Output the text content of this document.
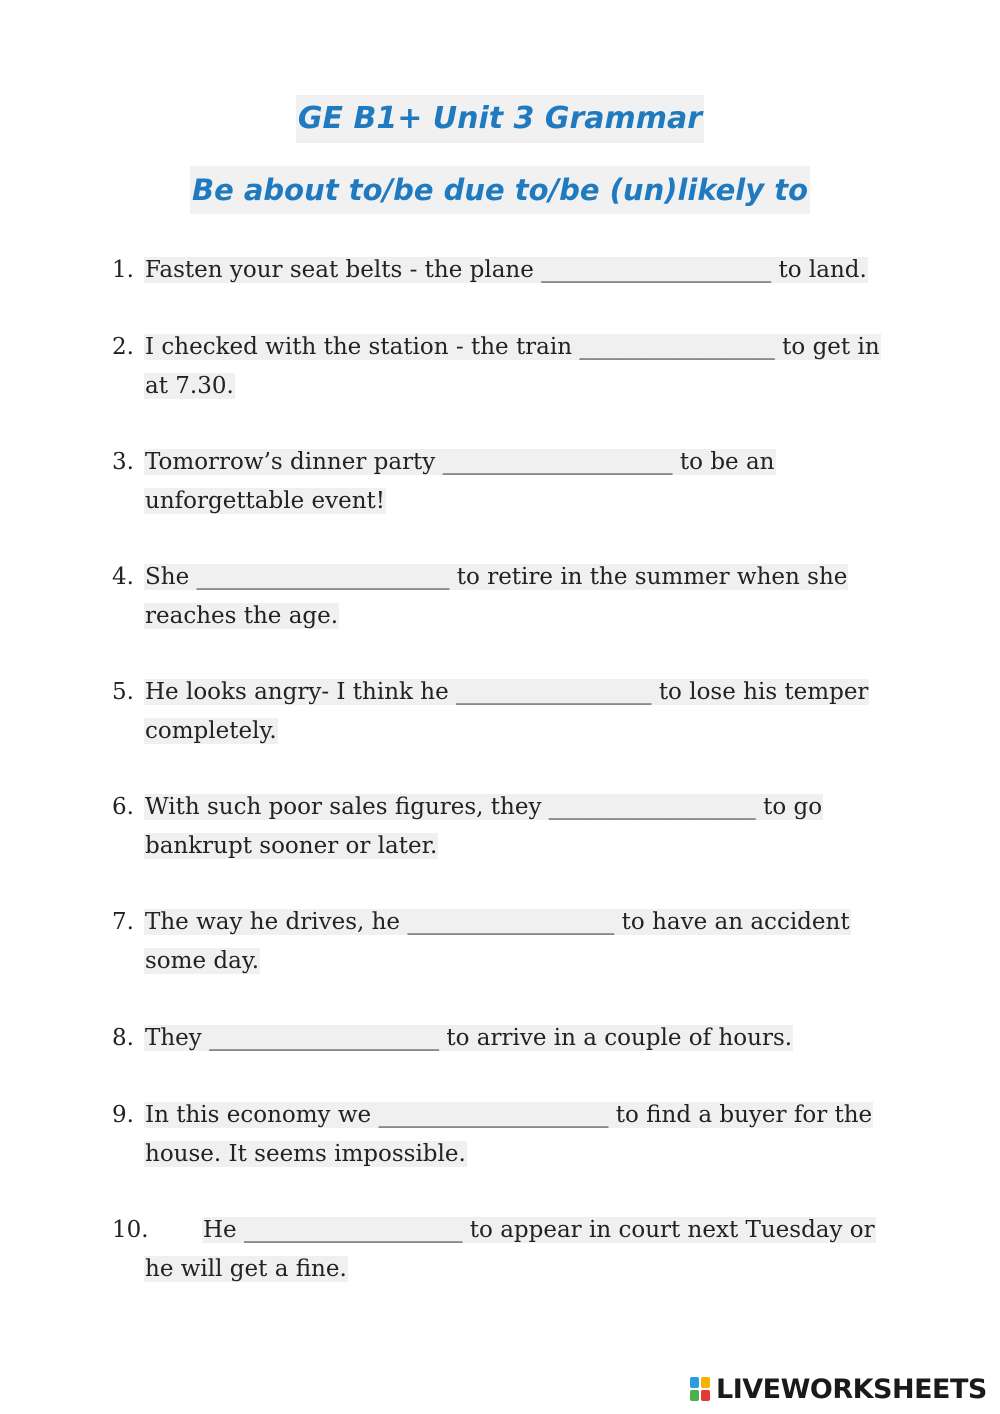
GE B1+ Unit 3 Grammar
Be about to/be due to/be (un)likely to
1. Fasten your seat belts - the plane ____________________ to land.
2. I checked with the station - the train _________________ to get in
at 7.30.
3. Tomorrow’s dinner party ____________________ to be an
unforgettable event!
4. She ______________________ to retire in the summer when she
reaches the age.
5. He looks angry- I think he _________________ to lose his temper
completely.
6. With such poor sales figures, they __________________ to go
bankrupt sooner or later.
7. The way he drives, he __________________ to have an accident
some day.
8. They ____________________ to arrive in a couple of hours.
9. In this economy we ____________________ to find a buyer for the
house. It seems impossible.
10.	He ___________________ to appear in court next Tuesday or
he will get a fine.
LIVEWORKSHEETS
